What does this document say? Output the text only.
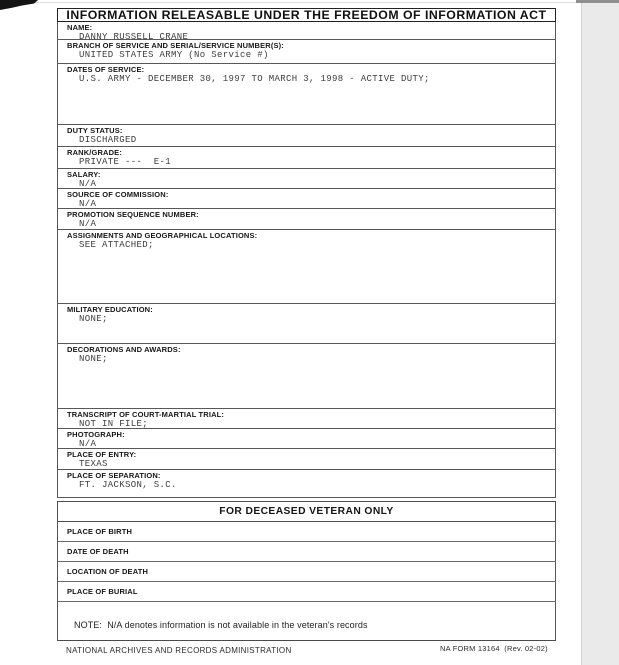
INFORMATION RELEASABLE UNDER THE FREEDOM OF INFORMATION ACT
NAME:
DANNY RUSSELL CRANE
BRANCH OF SERVICE AND SERIAL/SERVICE NUMBER(S):
UNITED STATES ARMY (No Service #)
DATES OF SERVICE:
U.S. ARMY - DECEMBER 30, 1997 TO MARCH 3, 1998 - ACTIVE DUTY;
DUTY STATUS:
DISCHARGED
RANK/GRADE:
PRIVATE ---  E-1
SALARY:
N/A
SOURCE OF COMMISSION:
N/A
PROMOTION SEQUENCE NUMBER:
N/A
ASSIGNMENTS AND GEOGRAPHICAL LOCATIONS:
SEE ATTACHED;
MILITARY EDUCATION:
NONE;
DECORATIONS AND AWARDS:
NONE;
TRANSCRIPT OF COURT-MARTIAL TRIAL:
NOT IN FILE;
PHOTOGRAPH:
N/A
PLACE OF ENTRY:
TEXAS
PLACE OF SEPARATION:
FT. JACKSON, S.C.
FOR DECEASED VETERAN ONLY
PLACE OF BIRTH
DATE OF DEATH
LOCATION OF DEATH
PLACE OF BURIAL
NOTE:  N/A denotes information is not available in the veteran's records
NATIONAL ARCHIVES AND RECORDS ADMINISTRATION	NA FORM 13164  (Rev. 02-02)
